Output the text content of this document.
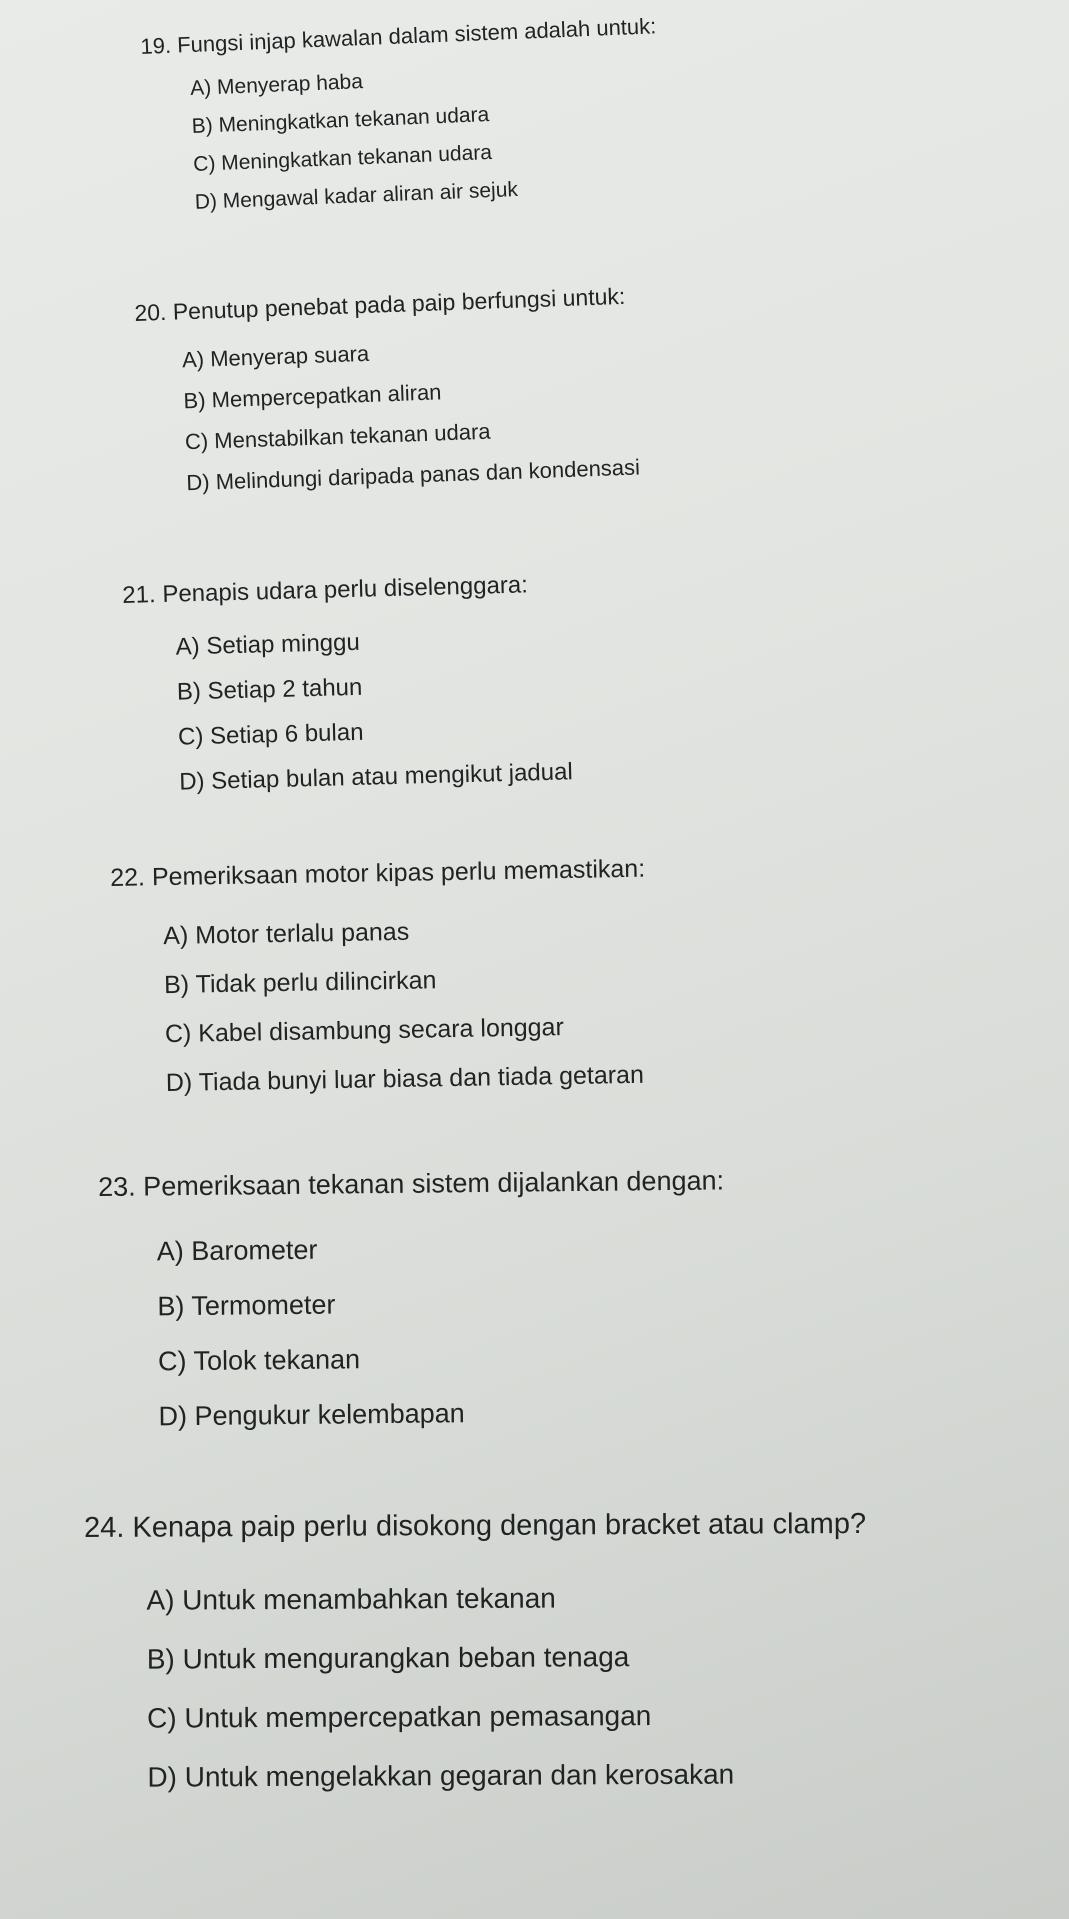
19. Fungsi injap kawalan dalam sistem adalah untuk:

A) Menyerap haba
B) Meningkatkan tekanan udara
C) Meningkatkan tekanan udara
D) Mengawal kadar aliran air sejuk

20. Penutup penebat pada paip berfungsi untuk:

A) Menyerap suara
B) Mempercepatkan aliran
C) Menstabilkan tekanan udara
D) Melindungi daripada panas dan kondensasi

21. Penapis udara perlu diselenggara:

A) Setiap minggu
B) Setiap 2 tahun
C) Setiap 6 bulan
D) Setiap bulan atau mengikut jadual

22. Pemeriksaan motor kipas perlu memastikan:

A) Motor terlalu panas
B) Tidak perlu dilincirkan
C) Kabel disambung secara longgar
D) Tiada bunyi luar biasa dan tiada getaran

23. Pemeriksaan tekanan sistem dijalankan dengan:

A) Barometer
B) Termometer
C) Tolok tekanan
D) Pengukur kelembapan

24. Kenapa paip perlu disokong dengan bracket atau clamp?

A) Untuk menambahkan tekanan
B) Untuk mengurangkan beban tenaga
C) Untuk mempercepatkan pemasangan
D) Untuk mengelakkan gegaran dan kerosakan
